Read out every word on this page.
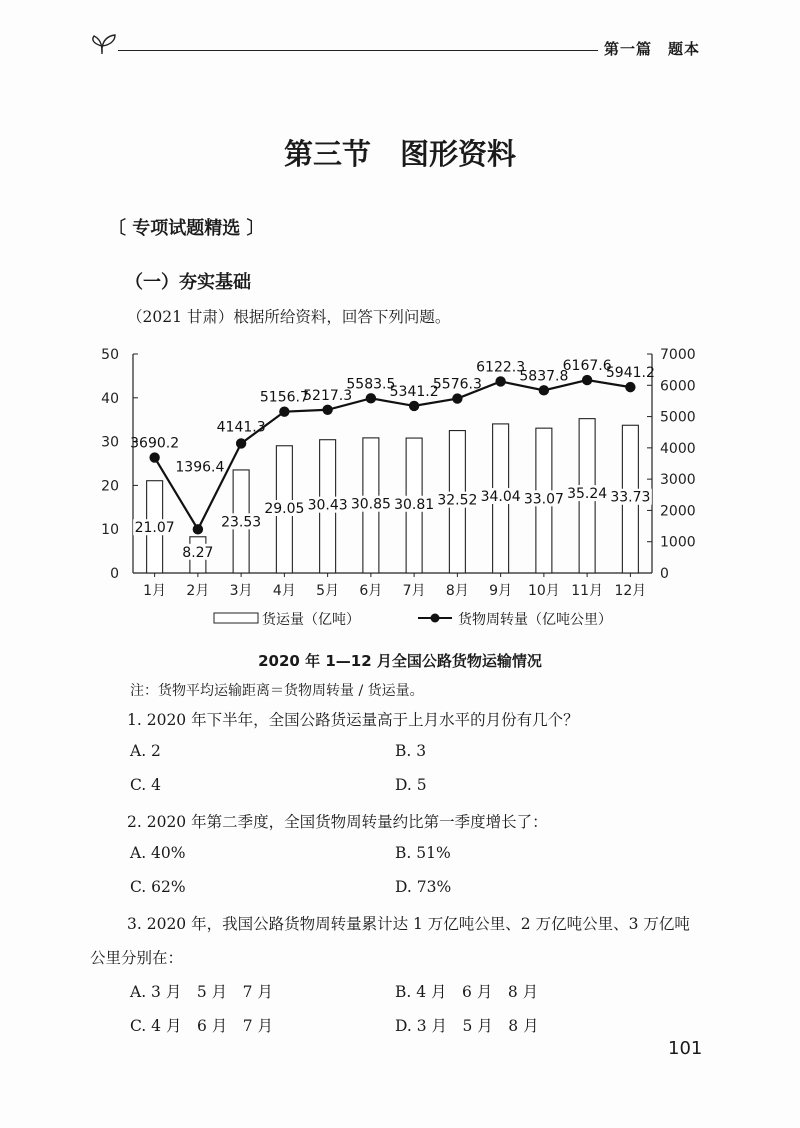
第一篇　题本
第三节　图形资料
〔 专项试题精选 〕
（一）夯实基础
（2021 甘肃）根据所给资料，回答下列问题。
0
10
20
30
40
50
0
1000
2000
3000
4000
5000
6000
7000
1月 2月 3月 4月 5月 6月 7月 8月 9月 10月 11月 12月
21.07
8.27
23.53
29.05 30.43 30.85 30.81 32.52 34.04 33.07 35.24 33.73
3690.2
1396.4
4141.3
5156.7
5217.3
5583.5
5341.2
5576.3
6122.3
5837.8
6167.6
5941.2
货运量（亿吨）	货物周转量（亿吨公里）
2020 年 1—12 月全国公路货物运输情况
注：货物平均运输距离＝货物周转量 / 货运量。
1. 2020 年下半年，全国公路货运量高于上月水平的月份有几个？
A. 2	B. 3
C. 4	D. 5
2. 2020 年第二季度，全国货物周转量约比第一季度增长了：
A. 40%	B. 51%
C. 62%	D. 73%
3. 2020 年，我国公路货物周转量累计达 1 万亿吨公里、2 万亿吨公里、3 万亿吨
公里分别在：
A. 3 月　5 月　7 月	B. 4 月　6 月　8 月
C. 4 月　6 月　7 月	D. 3 月　5 月　8 月
101
